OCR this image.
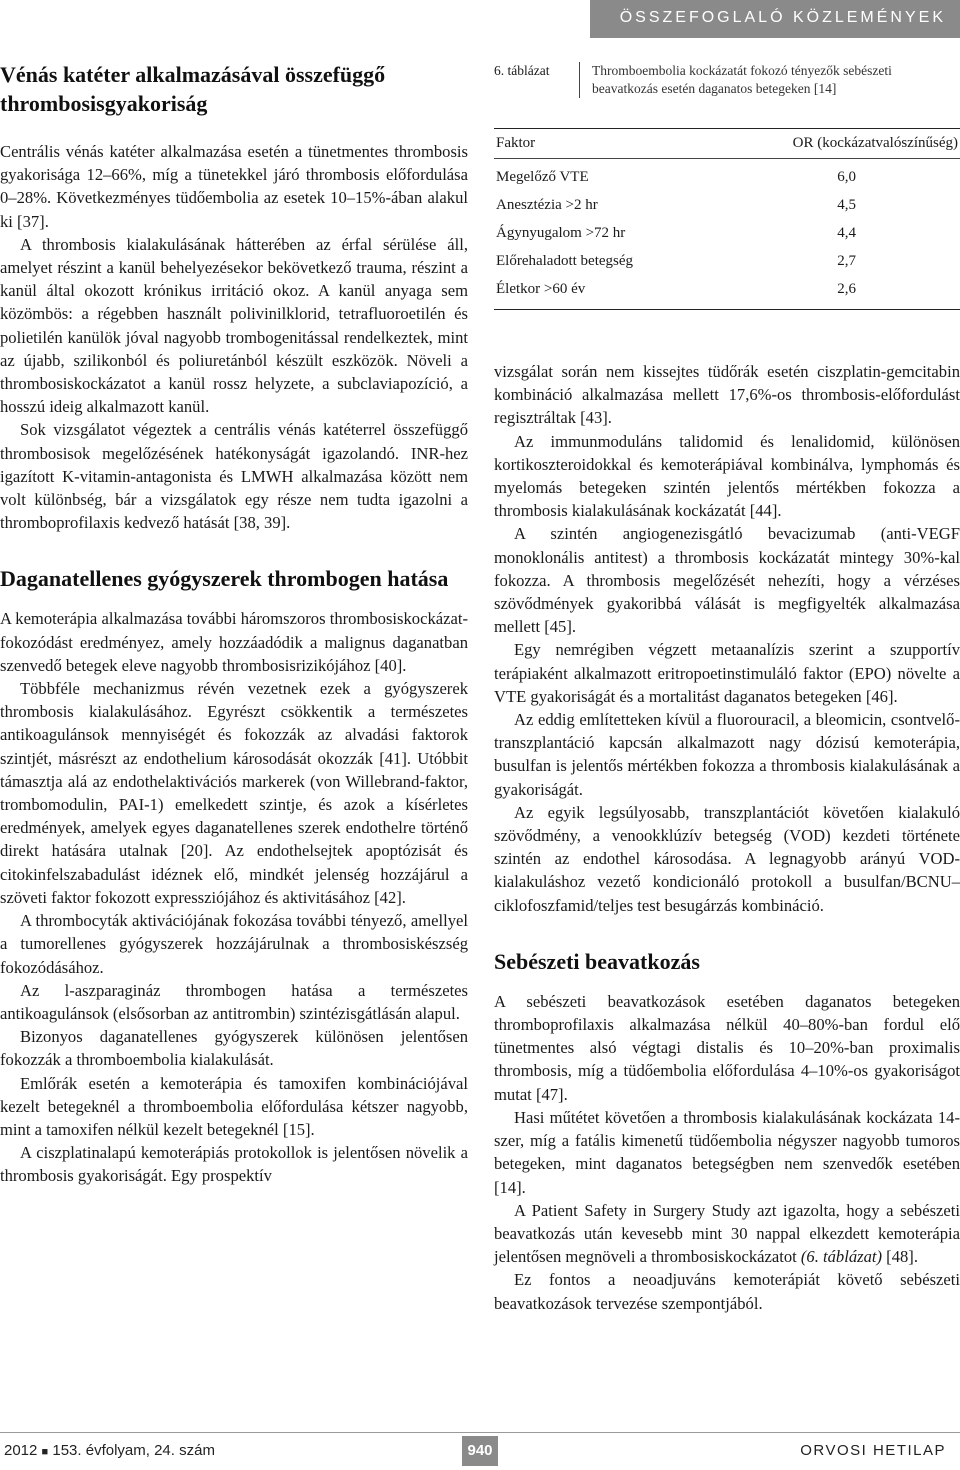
ÖSSZEFOGLALÓ KÖZLEMÉNYEK
Vénás katéter alkalmazásával összefüggő thrombosisgyakoriság

Centrális vénás katéter alkalmazása esetén a tünetmentes thrombosis gyakorisága 12–66%, míg a tünetekkel járó thrombosis előfordulása 0–28%. Következményes tüdőembolia az esetek 10–15%-ában alakul ki [37].

A thrombosis kialakulásának hátterében az érfal sérülése áll, amelyet részint a kanül behelyezésekor bekövetkező trauma, részint a kanül által okozott krónikus irritáció okoz. A kanül anyaga sem közömbös: a régebben használt polivinilklorid, tetrafluoroetilén és polietilén kanülök jóval nagyobb trombogenitással rendelkeztek, mint az újabb, szilikonból és poliuretánból készült eszközök. Növeli a thrombosiskockázatot a kanül rossz helyzete, a subclaviapozíció, a hosszú ideig alkalmazott kanül.

Sok vizsgálatot végeztek a centrális vénás katéterrel összefüggő thrombosisok megelőzésének hatékonyságát igazolandó. INR-hez igazított K-vitamin-antagonista és LMWH alkalmazása között nem volt különbség, bár a vizsgálatok egy része nem tudta igazolni a thromboprofilaxis kedvező hatását [38, 39].

Daganatellenes gyógyszerek thrombogen hatása

A kemoterápia alkalmazása további háromszoros thrombosiskockázat-fokozódást eredményez, amely hozzáadódik a malignus daganatban szenvedő betegek eleve nagyobb thrombosisrizikójához [40].

Többféle mechanizmus révén vezetnek ezek a gyógyszerek thrombosis kialakulásához. Egyrészt csökkentik a természetes antikoagulánsok mennyiségét és fokozzák az alvadási faktorok szintjét, másrészt az endothelium károsodását okozzák [41]. Utóbbit támasztja alá az endothelaktivációs markerek (von Willebrand-faktor, trombomodulin, PAI-1) emelkedett szintje, és azok a kísérletes eredmények, amelyek egyes daganatellenes szerek endothelre történő direkt hatására utalnak [20]. Az endothelsejtek apoptózisát és citokinfelszabadulást idéznek elő, mindkét jelenség hozzájárul a szöveti faktor fokozott expressziójához és aktivitásához [42].

A thrombocyták aktivációjának fokozása további tényező, amellyel a tumorellenes gyógyszerek hozzájárulnak a thrombosiskészség fokozódásához.

Az l-aszparagináz thrombogen hatása a természetes antikoagulánsok (elsősorban az antitrombin) szintézisgátlásán alapul.

Bizonyos daganatellenes gyógyszerek különösen jelentősen fokozzák a thromboembolia kialakulását.

Emlőrák esetén a kemoterápia és tamoxifen kombinációjával kezelt betegeknél a thromboembolia előfordulása kétszer nagyobb, mint a tamoxifen nélkül kezelt betegeknél [15].

A ciszplatinalapú kemoterápiás protokollok is jelentősen növelik a thrombosis gyakoriságát. Egy prospektív

6. táblázat	Thromboembolia kockázatát fokozó tényezők sebészeti beavatkozás esetén daganatos betegeken [14]
Faktor	OR (kockázatvalószínűség)
Megelőző VTE	6,0
Anesztézia >2 hr	4,5
Ágynyugalom >72 hr	4,4
Előrehaladott betegség	2,7
Életkor >60 év	2,6

vizsgálat során nem kissejtes tüdőrák esetén ciszplatin-gemcitabin kombináció alkalmazása mellett 17,6%-os thrombosis-előfordulást regisztráltak [43].

Az immunmoduláns talidomid és lenalidomid, különösen kortikoszteroidokkal és kemoterápiával kombinálva, lymphomás és myelomás betegeken szintén jelentős mértékben fokozza a thrombosis kialakulásának kockázatát [44].

A szintén angiogenezisgátló bevacizumab (anti-VEGF monoklonális antitest) a thrombosis kockázatát mintegy 30%-kal fokozza. A thrombosis megelőzését nehezíti, hogy a vérzéses szövődmények gyakoribbá válását is megfigyelték alkalmazása mellett [45].

Egy nemrégiben végzett metaanalízis szerint a szupportív terápiaként alkalmazott eritropoetinstimuláló faktor (EPO) növelte a VTE gyakoriságát és a mortalitást daganatos betegeken [46].

Az eddig említetteken kívül a fluorouracil, a bleomicin, csontvelő-transzplantáció kapcsán alkalmazott nagy dózisú kemoterápia, busulfan is jelentős mértékben fokozza a thrombosis kialakulásának a gyakoriságát.

Az egyik legsúlyosabb, transzplantációt követően kialakuló szövődmény, a venookklúzív betegség (VOD) kezdeti története szintén az endothel károsodása. A legnagyobb arányú VOD-kialakuláshoz vezető kondicionáló protokoll a busulfan/BCNU–ciklofoszfamid/teljes test besugárzás kombináció.

Sebészeti beavatkozás

A sebészeti beavatkozások esetében daganatos betegeken thromboprofilaxis alkalmazása nélkül 40–80%-ban fordul elő tünetmentes alsó végtagi distalis és 10–20%-ban proximalis thrombosis, míg a tüdőembolia előfordulása 4–10%-os gyakoriságot mutat [47].

Hasi műtétet követően a thrombosis kialakulásának kockázata 14-szer, míg a fatális kimenetű tüdőembolia négyszer nagyobb tumoros betegeken, mint daganatos betegségben nem szenvedők esetében [14].

A Patient Safety in Surgery Study azt igazolta, hogy a sebészeti beavatkozás után kevesebb mint 30 nappal elkezdett kemoterápia jelentősen megnöveli a thrombosiskockázatot (6. táblázat) [48].

Ez fontos a neoadjuváns kemoterápiát követő sebészeti beavatkozások tervezése szempontjából.

2012 ■ 153. évfolyam, 24. szám	940	ORVOSI HETILAP
